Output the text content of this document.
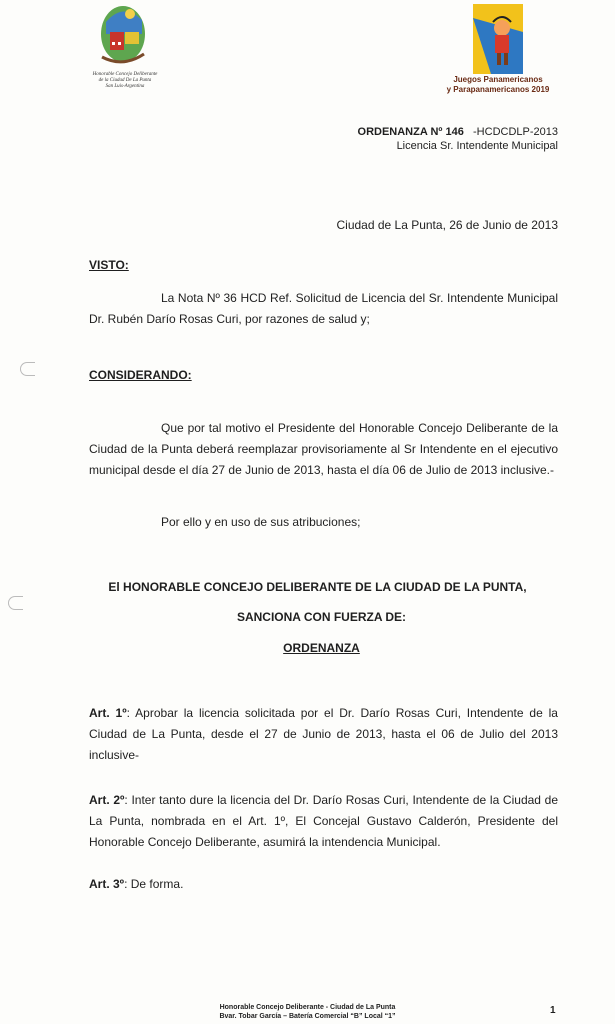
Honorable Concejo Deliberante
de la Ciudad De La Punta
San Luis-Argentina
Juegos Panamericanos
y Parapanamericanos 2019
ORDENANZA Nº 146 -HCDCDLP-2013
Licencia Sr. Intendente Municipal
Ciudad de La Punta, 26 de Junio de 2013
VISTO:
La Nota Nº 36 HCD Ref. Solicitud de Licencia del Sr. Intendente Municipal Dr. Rubén Darío Rosas Curi, por razones de salud y;
CONSIDERANDO:
Que por tal motivo el Presidente del Honorable Concejo Deliberante de la Ciudad de la Punta deberá reemplazar provisoriamente al Sr Intendente en el ejecutivo municipal desde el día 27 de Junio de 2013, hasta el día 06 de Julio de 2013 inclusive.-
Por ello y en uso de sus atribuciones;
El HONORABLE CONCEJO DELIBERANTE DE LA CIUDAD DE LA PUNTA,
SANCIONA CON FUERZA DE:
ORDENANZA
Art. 1º: Aprobar la licencia solicitada por el Dr. Darío Rosas Curi, Intendente de la Ciudad de La Punta, desde el 27 de Junio de 2013, hasta el 06 de Julio del 2013 inclusive-
Art. 2º: Inter tanto dure la licencia del Dr. Darío Rosas Curi, Intendente de la Ciudad de La Punta, nombrada en el Art. 1º, El Concejal Gustavo Calderón, Presidente del Honorable Concejo Deliberante, asumirá la intendencia Municipal.
Art. 3º: De forma.
Honorable Concejo Deliberante - Ciudad de La Punta
Bvar. Tobar García – Batería Comercial “B” Local “1”
1
